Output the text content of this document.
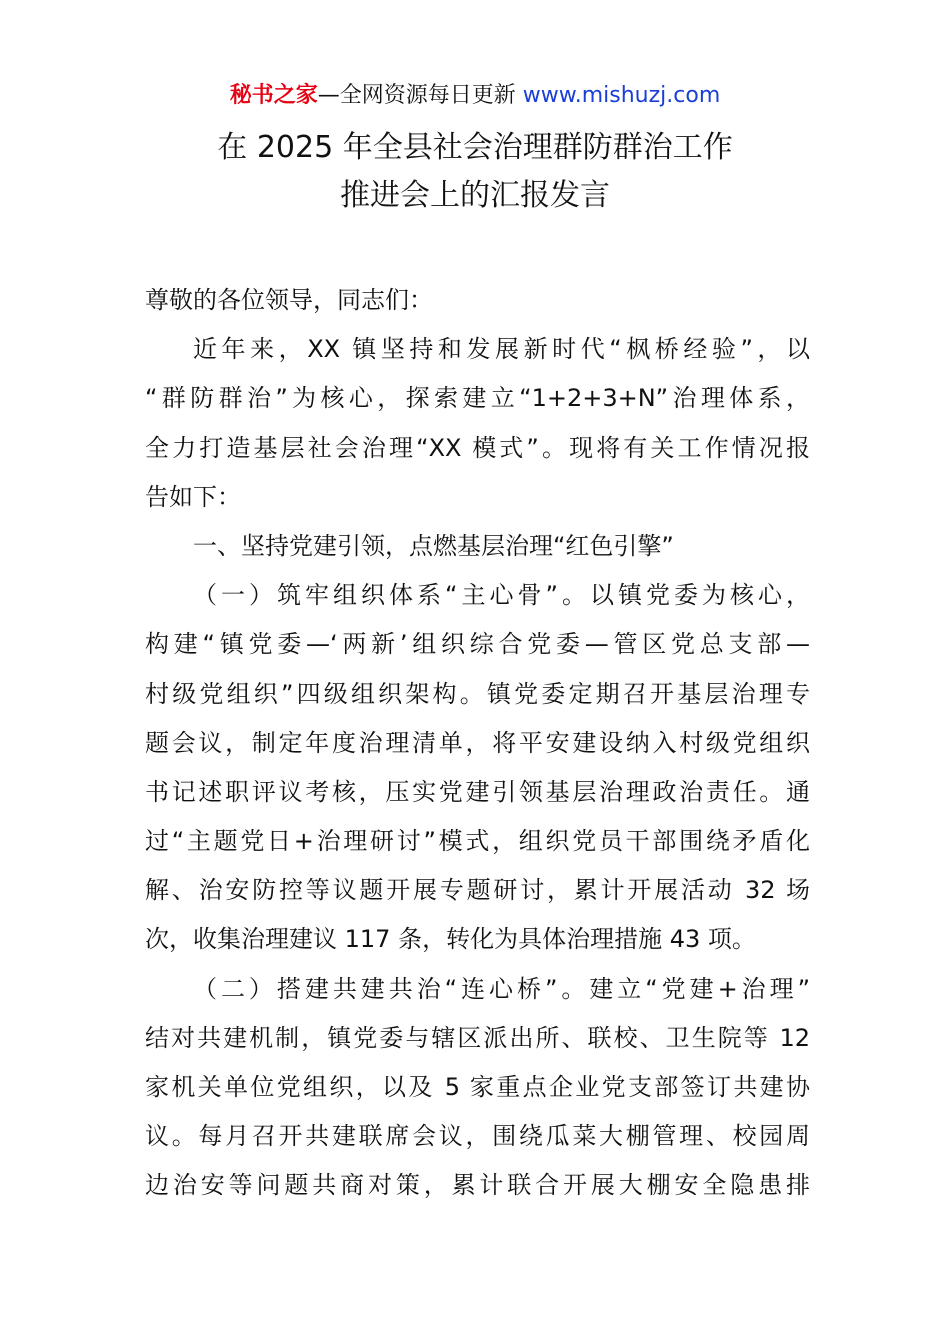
秘书之家—全网资源每日更新 www.mishuzj.com
在 2025 年全县社会治理群防群治工作
推进会上的汇报发言
尊敬的各位领导，同志们：
近年来，XX 镇坚持和发展新时代“枫桥经验”，以
“群防群治”为核心，探索建立“1+2+3+N”治理体系，
全力打造基层社会治理“XX 模式”。现将有关工作情况报
告如下：
一、坚持党建引领，点燃基层治理“红色引擎”
（一）筑牢组织体系“主心骨”。以镇党委为核心，
构建“镇党委—‘两新’组织综合党委—管区党总支部—
村级党组织”四级组织架构。镇党委定期召开基层治理专
题会议，制定年度治理清单，将平安建设纳入村级党组织
书记述职评议考核，压实党建引领基层治理政治责任。通
过“主题党日+治理研讨”模式，组织党员干部围绕矛盾化
解、治安防控等议题开展专题研讨，累计开展活动 32 场
次，收集治理建议 117 条，转化为具体治理措施 43 项。
（二）搭建共建共治“连心桥”。建立“党建+治理”
结对共建机制，镇党委与辖区派出所、联校、卫生院等 12
家机关单位党组织，以及 5 家重点企业党支部签订共建协
议。每月召开共建联席会议，围绕瓜菜大棚管理、校园周
边治安等问题共商对策，累计联合开展大棚安全隐患排
